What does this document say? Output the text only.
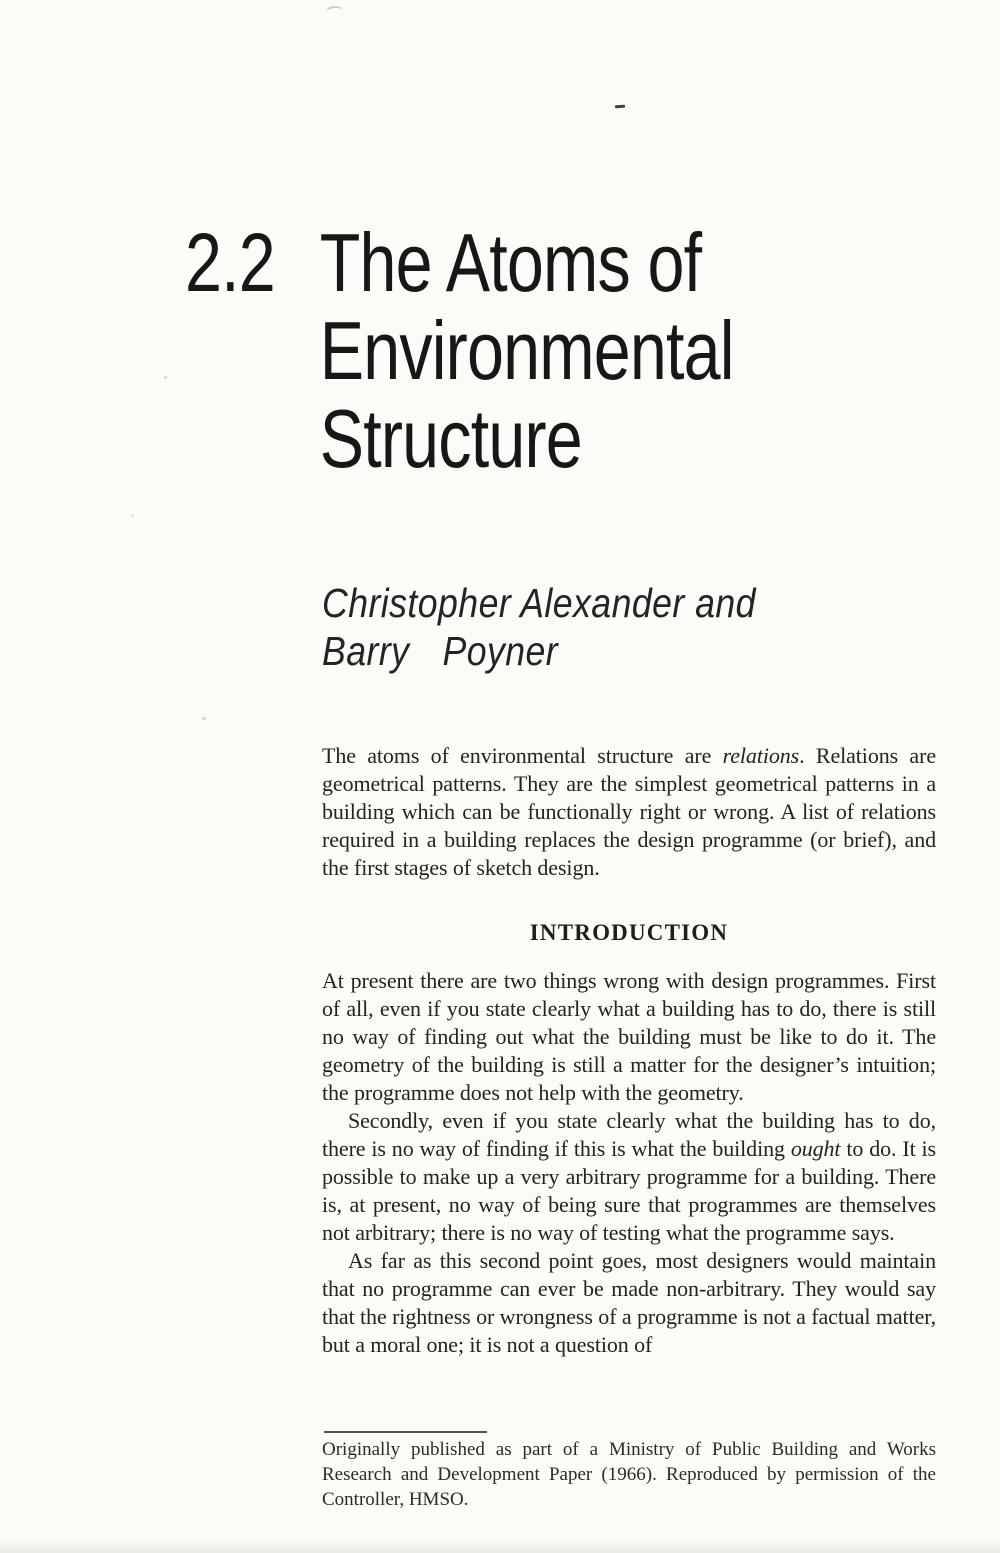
2.2 The Atoms of
Environmental
Structure
Christopher Alexander and
Barry Poyner

The atoms of environmental structure are relations. Relations are geometrical patterns. They are the simplest geometrical patterns in a building which can be functionally right or wrong. A list of relations required in a building replaces the design programme (or brief), and the first stages of sketch design.

INTRODUCTION

At present there are two things wrong with design programmes. First of all, even if you state clearly what a building has to do, there is still no way of finding out what the building must be like to do it. The geometry of the building is still a matter for the designer’s intuition; the programme does not help with the geometry.

Secondly, even if you state clearly what the building has to do, there is no way of finding if this is what the building ought to do. It is possible to make up a very arbitrary programme for a building. There is, at present, no way of being sure that programmes are themselves not arbitrary; there is no way of testing what the programme says.

As far as this second point goes, most designers would maintain that no programme can ever be made non-arbitrary. They would say that the rightness or wrongness of a programme is not a factual matter, but a moral one; it is not a question of

Originally published as part of a Ministry of Public Building and Works Research and Development Paper (1966). Reproduced by permission of the Controller, HMSO.
